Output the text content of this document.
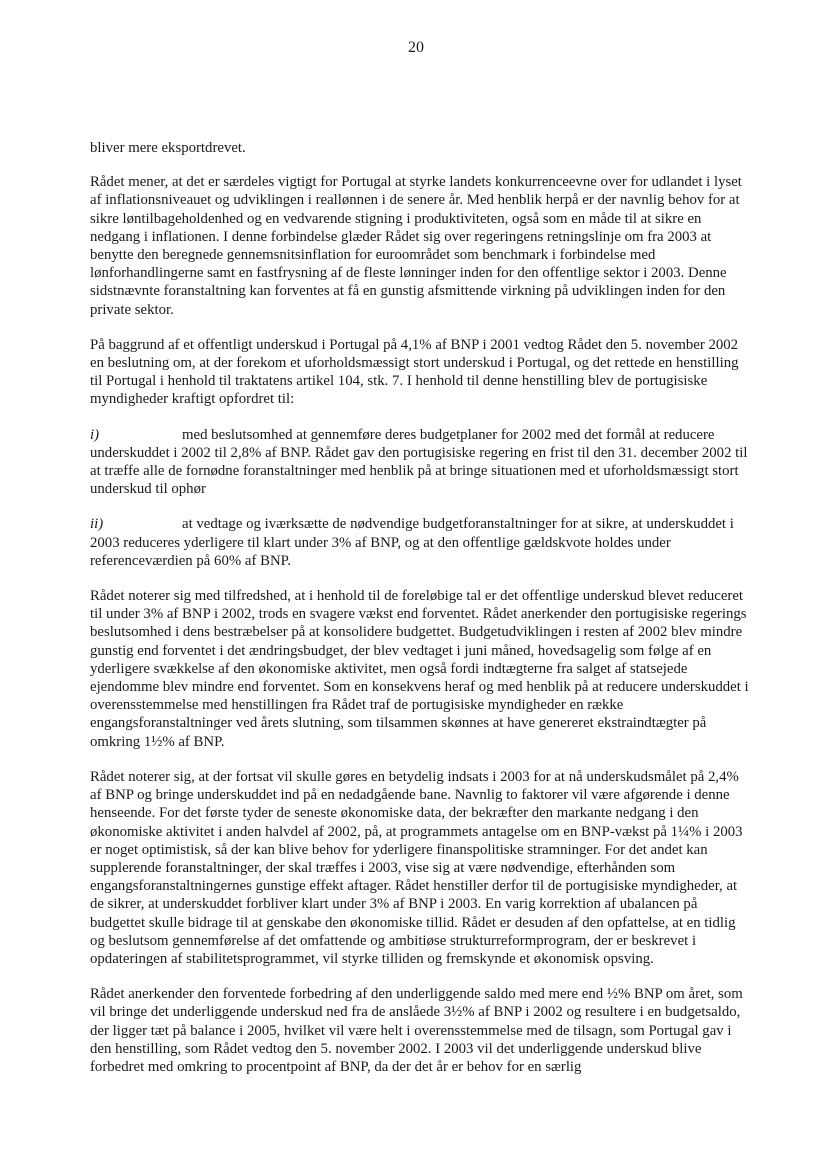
20

bliver mere eksportdrevet.

Rådet mener, at det er særdeles vigtigt for Portugal at styrke landets konkurrenceevne over for udlandet i lyset af inflationsniveauet og udviklingen i reallønnen i de senere år. Med henblik herpå er der navnlig behov for at sikre løntilbageholdenhed og en vedvarende stigning i produktiviteten, også som en måde til at sikre en nedgang i inflationen. I denne forbindelse glæder Rådet sig over regeringens retningslinje om fra 2003 at benytte den beregnede gennemsnitsinflation for euroområdet som benchmark i forbindelse med lønforhandlingerne samt en fastfrysning af de fleste lønninger inden for den offentlige sektor i 2003. Denne sidstnævnte foranstaltning kan forventes at få en gunstig afsmittende virkning på udviklingen inden for den private sektor.

På baggrund af et offentligt underskud i Portugal på 4,1% af BNP i 2001 vedtog Rådet den 5. november 2002 en beslutning om, at der forekom et uforholdsmæssigt stort underskud i Portugal, og det rettede en henstilling til Portugal i henhold til traktatens artikel 104, stk. 7. I henhold til denne henstilling blev de portugisiske myndigheder kraftigt opfordret til:

i)	med beslutsomhed at gennemføre deres budgetplaner for 2002 med det formål at reducere underskuddet i 2002 til 2,8% af BNP. Rådet gav den portugisiske regering en frist til den 31. december 2002 til at træffe alle de fornødne foranstaltninger med henblik på at bringe situationen med et uforholdsmæssigt stort underskud til ophør

ii)	at vedtage og iværksætte de nødvendige budgetforanstaltninger for at sikre, at underskuddet i 2003 reduceres yderligere til klart under 3% af BNP, og at den offentlige gældskvote holdes under referenceværdien på 60% af BNP.

Rådet noterer sig med tilfredshed, at i henhold til de foreløbige tal er det offentlige underskud blevet reduceret til under 3% af BNP i 2002, trods en svagere vækst end forventet. Rådet anerkender den portugisiske regerings beslutsomhed i dens bestræbelser på at konsolidere budgettet. Budgetudviklingen i resten af 2002 blev mindre gunstig end forventet i det ændringsbudget, der blev vedtaget i juni måned, hovedsagelig som følge af en yderligere svækkelse af den økonomiske aktivitet, men også fordi indtægterne fra salget af statsejede ejendomme blev mindre end forventet. Som en konsekvens heraf og med henblik på at reducere underskuddet i overensstemmelse med henstillingen fra Rådet traf de portugisiske myndigheder en række engangsforanstaltninger ved årets slutning, som tilsammen skønnes at have genereret ekstraindtægter på omkring 1½% af BNP.

Rådet noterer sig, at der fortsat vil skulle gøres en betydelig indsats i 2003 for at nå underskudsmålet på 2,4% af BNP og bringe underskuddet ind på en nedadgående bane. Navnlig to faktorer vil være afgørende i denne henseende. For det første tyder de seneste økonomiske data, der bekræfter den markante nedgang i den økonomiske aktivitet i anden halvdel af 2002, på, at programmets antagelse om en BNP-vækst på 1¼% i 2003 er noget optimistisk, så der kan blive behov for yderligere finanspolitiske stramninger. For det andet kan supplerende foranstaltninger, der skal træffes i 2003, vise sig at være nødvendige, efterhånden som engangsforanstaltningernes gunstige effekt aftager. Rådet henstiller derfor til de portugisiske myndigheder, at de sikrer, at underskuddet forbliver klart under 3% af BNP i 2003. En varig korrektion af ubalancen på budgettet skulle bidrage til at genskabe den økonomiske tillid. Rådet er desuden af den opfattelse, at en tidlig og beslutsom gennemførelse af det omfattende og ambitiøse strukturreformprogram, der er beskrevet i opdateringen af stabilitetsprogrammet, vil styrke tilliden og fremskynde et økonomisk opsving.

Rådet anerkender den forventede forbedring af den underliggende saldo med mere end ½% BNP om året, som vil bringe det underliggende underskud ned fra de anslåede 3½% af BNP i 2002 og resultere i en budgetsaldo, der ligger tæt på balance i 2005, hvilket vil være helt i overensstemmelse med de tilsagn, som Portugal gav i den henstilling, som Rådet vedtog den 5. november 2002. I 2003 vil det underliggende underskud blive forbedret med omkring to procentpoint af BNP, da der det år er behov for en særlig
